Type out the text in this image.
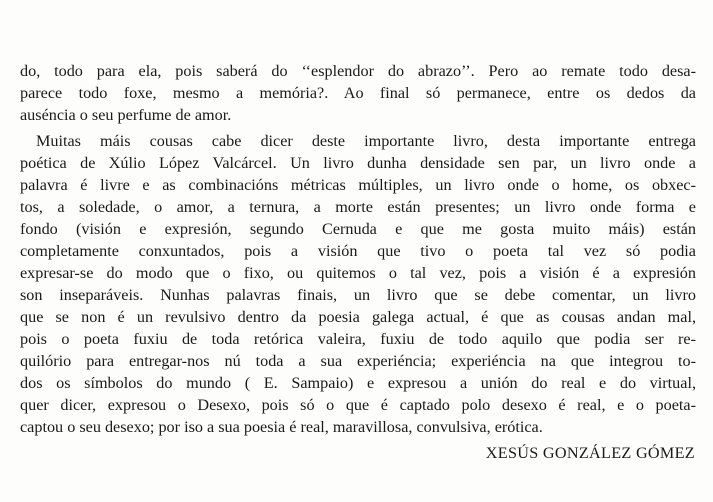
do, todo para ela, pois saberá do ‘‘esplendor do abrazo’’. Pero ao remate todo desa-
parece todo foxe, mesmo a memória?. Ao final só permanece, entre os dedos da
auséncia o seu perfume de amor.
Muitas máis cousas cabe dicer deste importante livro, desta importante entrega
poética de Xúlio López Valcárcel. Un livro dunha densidade sen par, un livro onde a
palavra é livre e as combinacións métricas múltiples, un livro onde o home, os obxec-
tos, a soledade, o amor, a ternura, a morte están presentes; un livro onde forma e
fondo (visión e expresión, segundo Cernuda e que me gosta muito máis) están
completamente conxuntados, pois a visión que tivo o poeta tal vez só podia
expresar-se do modo que o fixo, ou quitemos o tal vez, pois a visión é a expresión
son inseparáveis. Nunhas palavras finais, un livro que se debe comentar, un livro
que se non é un revulsivo dentro da poesia galega actual, é que as cousas andan mal,
pois o poeta fuxiu de toda retórica valeira, fuxiu de todo aquilo que podia ser re-
quilório para entregar-nos nú toda a sua experiéncia; experiéncia na que integrou to-
dos os símbolos do mundo ( E. Sampaio) e expresou a unión do real e do virtual,
quer dicer, expresou o Desexo, pois só o que é captado polo desexo é real, e o poeta-
captou o seu desexo; por iso a sua poesia é real, maravillosa, convulsiva, erótica.
XESÚS GONZÁLEZ GÓMEZ
